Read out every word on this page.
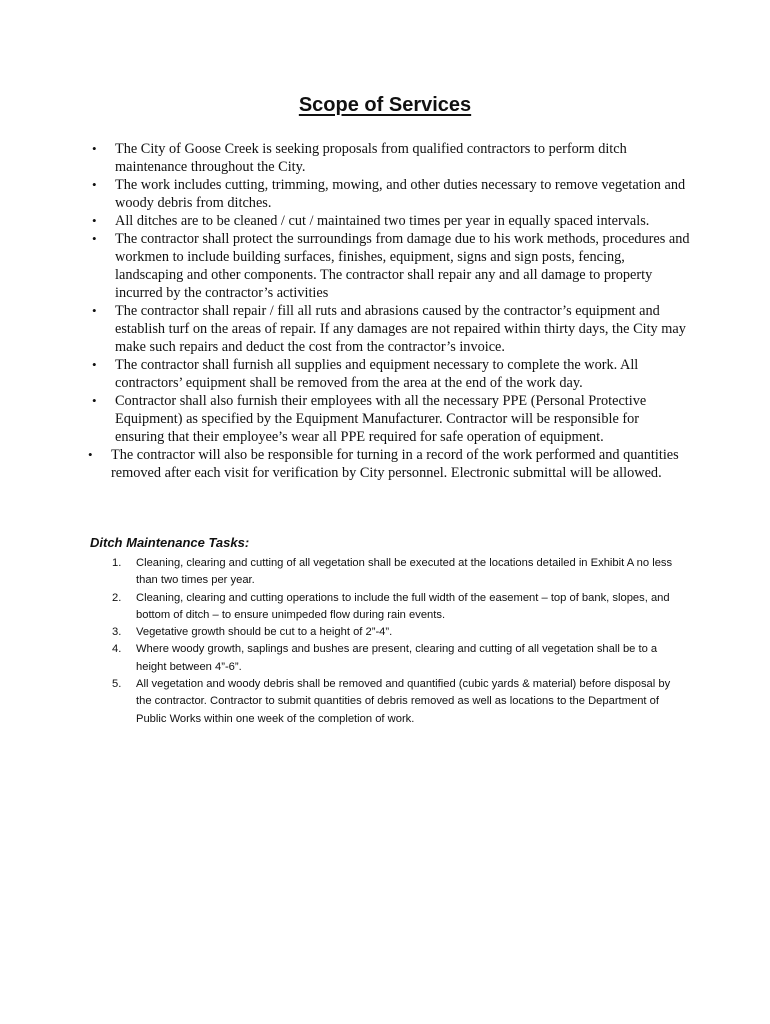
Scope of Services
• The City of Goose Creek is seeking proposals from qualified contractors to perform ditch maintenance throughout the City.
• The work includes cutting, trimming, mowing, and other duties necessary to remove vegetation and woody debris from ditches.
• All ditches are to be cleaned / cut / maintained two times per year in equally spaced intervals.
• The contractor shall protect the surroundings from damage due to his work methods, procedures and workmen to include building surfaces, finishes, equipment, signs and sign posts, fencing, landscaping and other components. The contractor shall repair any and all damage to property incurred by the contractor’s activities
• The contractor shall repair / fill all ruts and abrasions caused by the contractor’s equipment and establish turf on the areas of repair. If any damages are not repaired within thirty days, the City may make such repairs and deduct the cost from the contractor’s invoice.
• The contractor shall furnish all supplies and equipment necessary to complete the work. All contractors’ equipment shall be removed from the area at the end of the work day.
• Contractor shall also furnish their employees with all the necessary PPE (Personal Protective Equipment) as specified by the Equipment Manufacturer. Contractor will be responsible for ensuring that their employee’s wear all PPE required for safe operation of equipment.
• The contractor will also be responsible for turning in a record of the work performed and quantities removed after each visit for verification by City personnel. Electronic submittal will be allowed.
Ditch Maintenance Tasks:
1. Cleaning, clearing and cutting of all vegetation shall be executed at the locations detailed in Exhibit A no less than two times per year.
2. Cleaning, clearing and cutting operations to include the full width of the easement – top of bank, slopes, and bottom of ditch – to ensure unimpeded flow during rain events.
3. Vegetative growth should be cut to a height of 2”-4”.
4. Where woody growth, saplings and bushes are present, clearing and cutting of all vegetation shall be to a height between 4”-6”.
5. All vegetation and woody debris shall be removed and quantified (cubic yards & material) before disposal by the contractor. Contractor to submit quantities of debris removed as well as locations to the Department of Public Works within one week of the completion of work.
